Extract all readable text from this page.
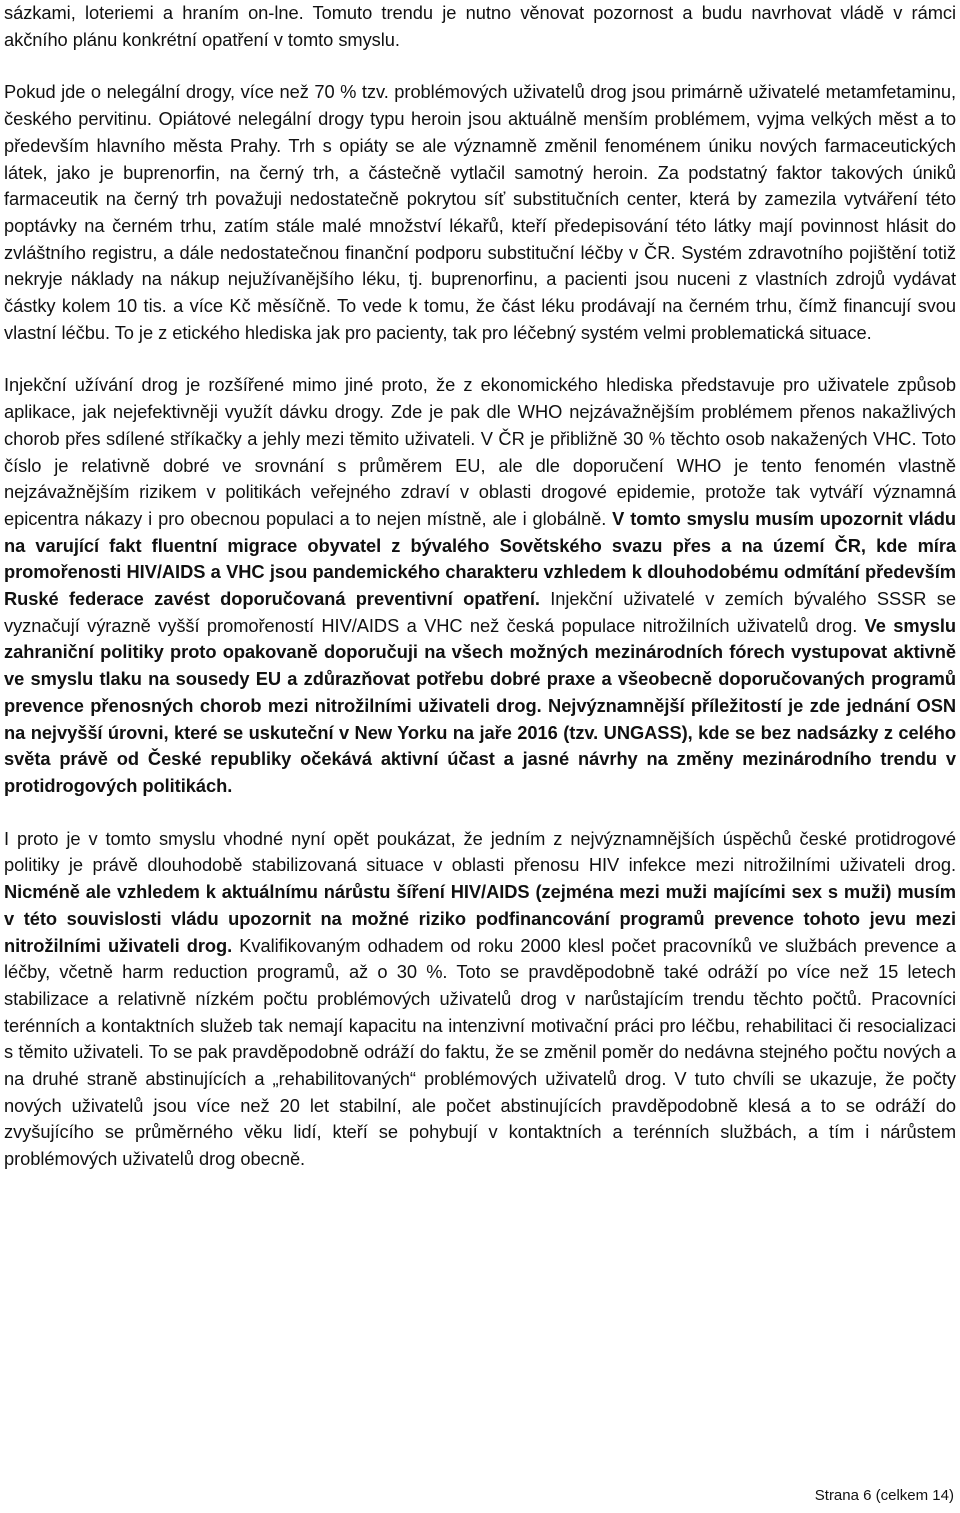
sázkami, loteriemi a hraním on-lne. Tomuto trendu je nutno věnovat pozornost a budu navrhovat vládě v rámci akčního plánu konkrétní opatření v tomto smyslu.

Pokud jde o nelegální drogy, více než 70 % tzv. problémových uživatelů drog jsou primárně uživatelé metamfetaminu, českého pervitinu. Opiátové nelegální drogy typu heroin jsou aktuálně menším problémem, vyjma velkých měst a to především hlavního města Prahy. Trh s opiáty se ale významně změnil fenoménem úniku nových farmaceutických látek, jako je buprenorfin, na černý trh, a částečně vytlačil samotný heroin. Za podstatný faktor takových úniků farmaceutik na černý trh považuji nedostatečně pokrytou síť substitučních center, která by zamezila vytváření této poptávky na černém trhu, zatím stále malé množství lékařů, kteří předepisování této látky mají povinnost hlásit do zvláštního registru, a dále nedostatečnou finanční podporu substituční léčby v ČR. Systém zdravotního pojištění totiž nekryje náklady na nákup nejužívanějšího léku, tj. buprenorfinu, a pacienti jsou nuceni z vlastních zdrojů vydávat částky kolem 10 tis. a více Kč měsíčně. To vede k tomu, že část léku prodávají na černém trhu, čímž financují svou vlastní léčbu. To je z etického hlediska jak pro pacienty, tak pro léčebný systém velmi problematická situace.

Injekční užívání drog je rozšířené mimo jiné proto, že z ekonomického hlediska představuje pro uživatele způsob aplikace, jak nejefektivněji využít dávku drogy. Zde je pak dle WHO nejzávažnějším problémem přenos nakažlivých chorob přes sdílené stříkačky a jehly mezi těmito uživateli. V ČR je přibližně 30 % těchto osob nakažených VHC. Toto číslo je relativně dobré ve srovnání s průměrem EU, ale dle doporučení WHO je tento fenomén vlastně nejzávažnějším rizikem v politikách veřejného zdraví v oblasti drogové epidemie, protože tak vytváří významná epicentra nákazy i pro obecnou populaci a to nejen místně, ale i globálně. V tomto smyslu musím upozornit vládu na varující fakt fluentní migrace obyvatel z bývalého Sovětského svazu přes a na území ČR, kde míra promořenosti HIV/AIDS a VHC jsou pandemického charakteru vzhledem k dlouhodobému odmítání především Ruské federace zavést doporučovaná preventivní opatření. Injekční uživatelé v zemích bývalého SSSR se vyznačují výrazně vyšší promořeností HIV/AIDS a VHC než česká populace nitrožilních uživatelů drog. Ve smyslu zahraniční politiky proto opakovaně doporučuji na všech možných mezinárodních fórech vystupovat aktivně ve smyslu tlaku na sousedy EU a zdůrazňovat potřebu dobré praxe a všeobecně doporučovaných programů prevence přenosných chorob mezi nitrožilními uživateli drog. Nejvýznamnější příležitostí je zde jednání OSN na nejvyšší úrovni, které se uskuteční v New Yorku na jaře 2016 (tzv. UNGASS), kde se bez nadsázky z celého světa právě od České republiky očekává aktivní účast a jasné návrhy na změny mezinárodního trendu v protidrogových politikách.

I proto je v tomto smyslu vhodné nyní opět poukázat, že jedním z nejvýznamnějších úspěchů české protidrogové politiky je právě dlouhodobě stabilizovaná situace v oblasti přenosu HIV infekce mezi nitrožilními uživateli drog. Nicméně ale vzhledem k aktuálnímu nárůstu šíření HIV/AIDS (zejména mezi muži majícími sex s muži) musím v této souvislosti vládu upozornit na možné riziko podfinancování programů prevence tohoto jevu mezi nitrožilními uživateli drog. Kvalifikovaným odhadem od roku 2000 klesl počet pracovníků ve službách prevence a léčby, včetně harm reduction programů, až o 30 %. Toto se pravděpodobně také odráží po více než 15 letech stabilizace a relativně nízkém počtu problémových uživatelů drog v narůstajícím trendu těchto počtů. Pracovníci terénních a kontaktních služeb tak nemají kapacitu na intenzivní motivační práci pro léčbu, rehabilitaci či resocializaci s těmito uživateli. To se pak pravděpodobně odráží do faktu, že se změnil poměr do nedávna stejného počtu nových a na druhé straně abstinujících a „rehabilitovaných“ problémových uživatelů drog. V tuto chvíli se ukazuje, že počty nových uživatelů jsou více než 20 let stabilní, ale počet abstinujících pravděpodobně klesá a to se odráží do zvyšujícího se průměrného věku lidí, kteří se pohybují v kontaktních a terénních službách, a tím i nárůstem problémových uživatelů drog obecně.

Strana 6 (celkem 14)
